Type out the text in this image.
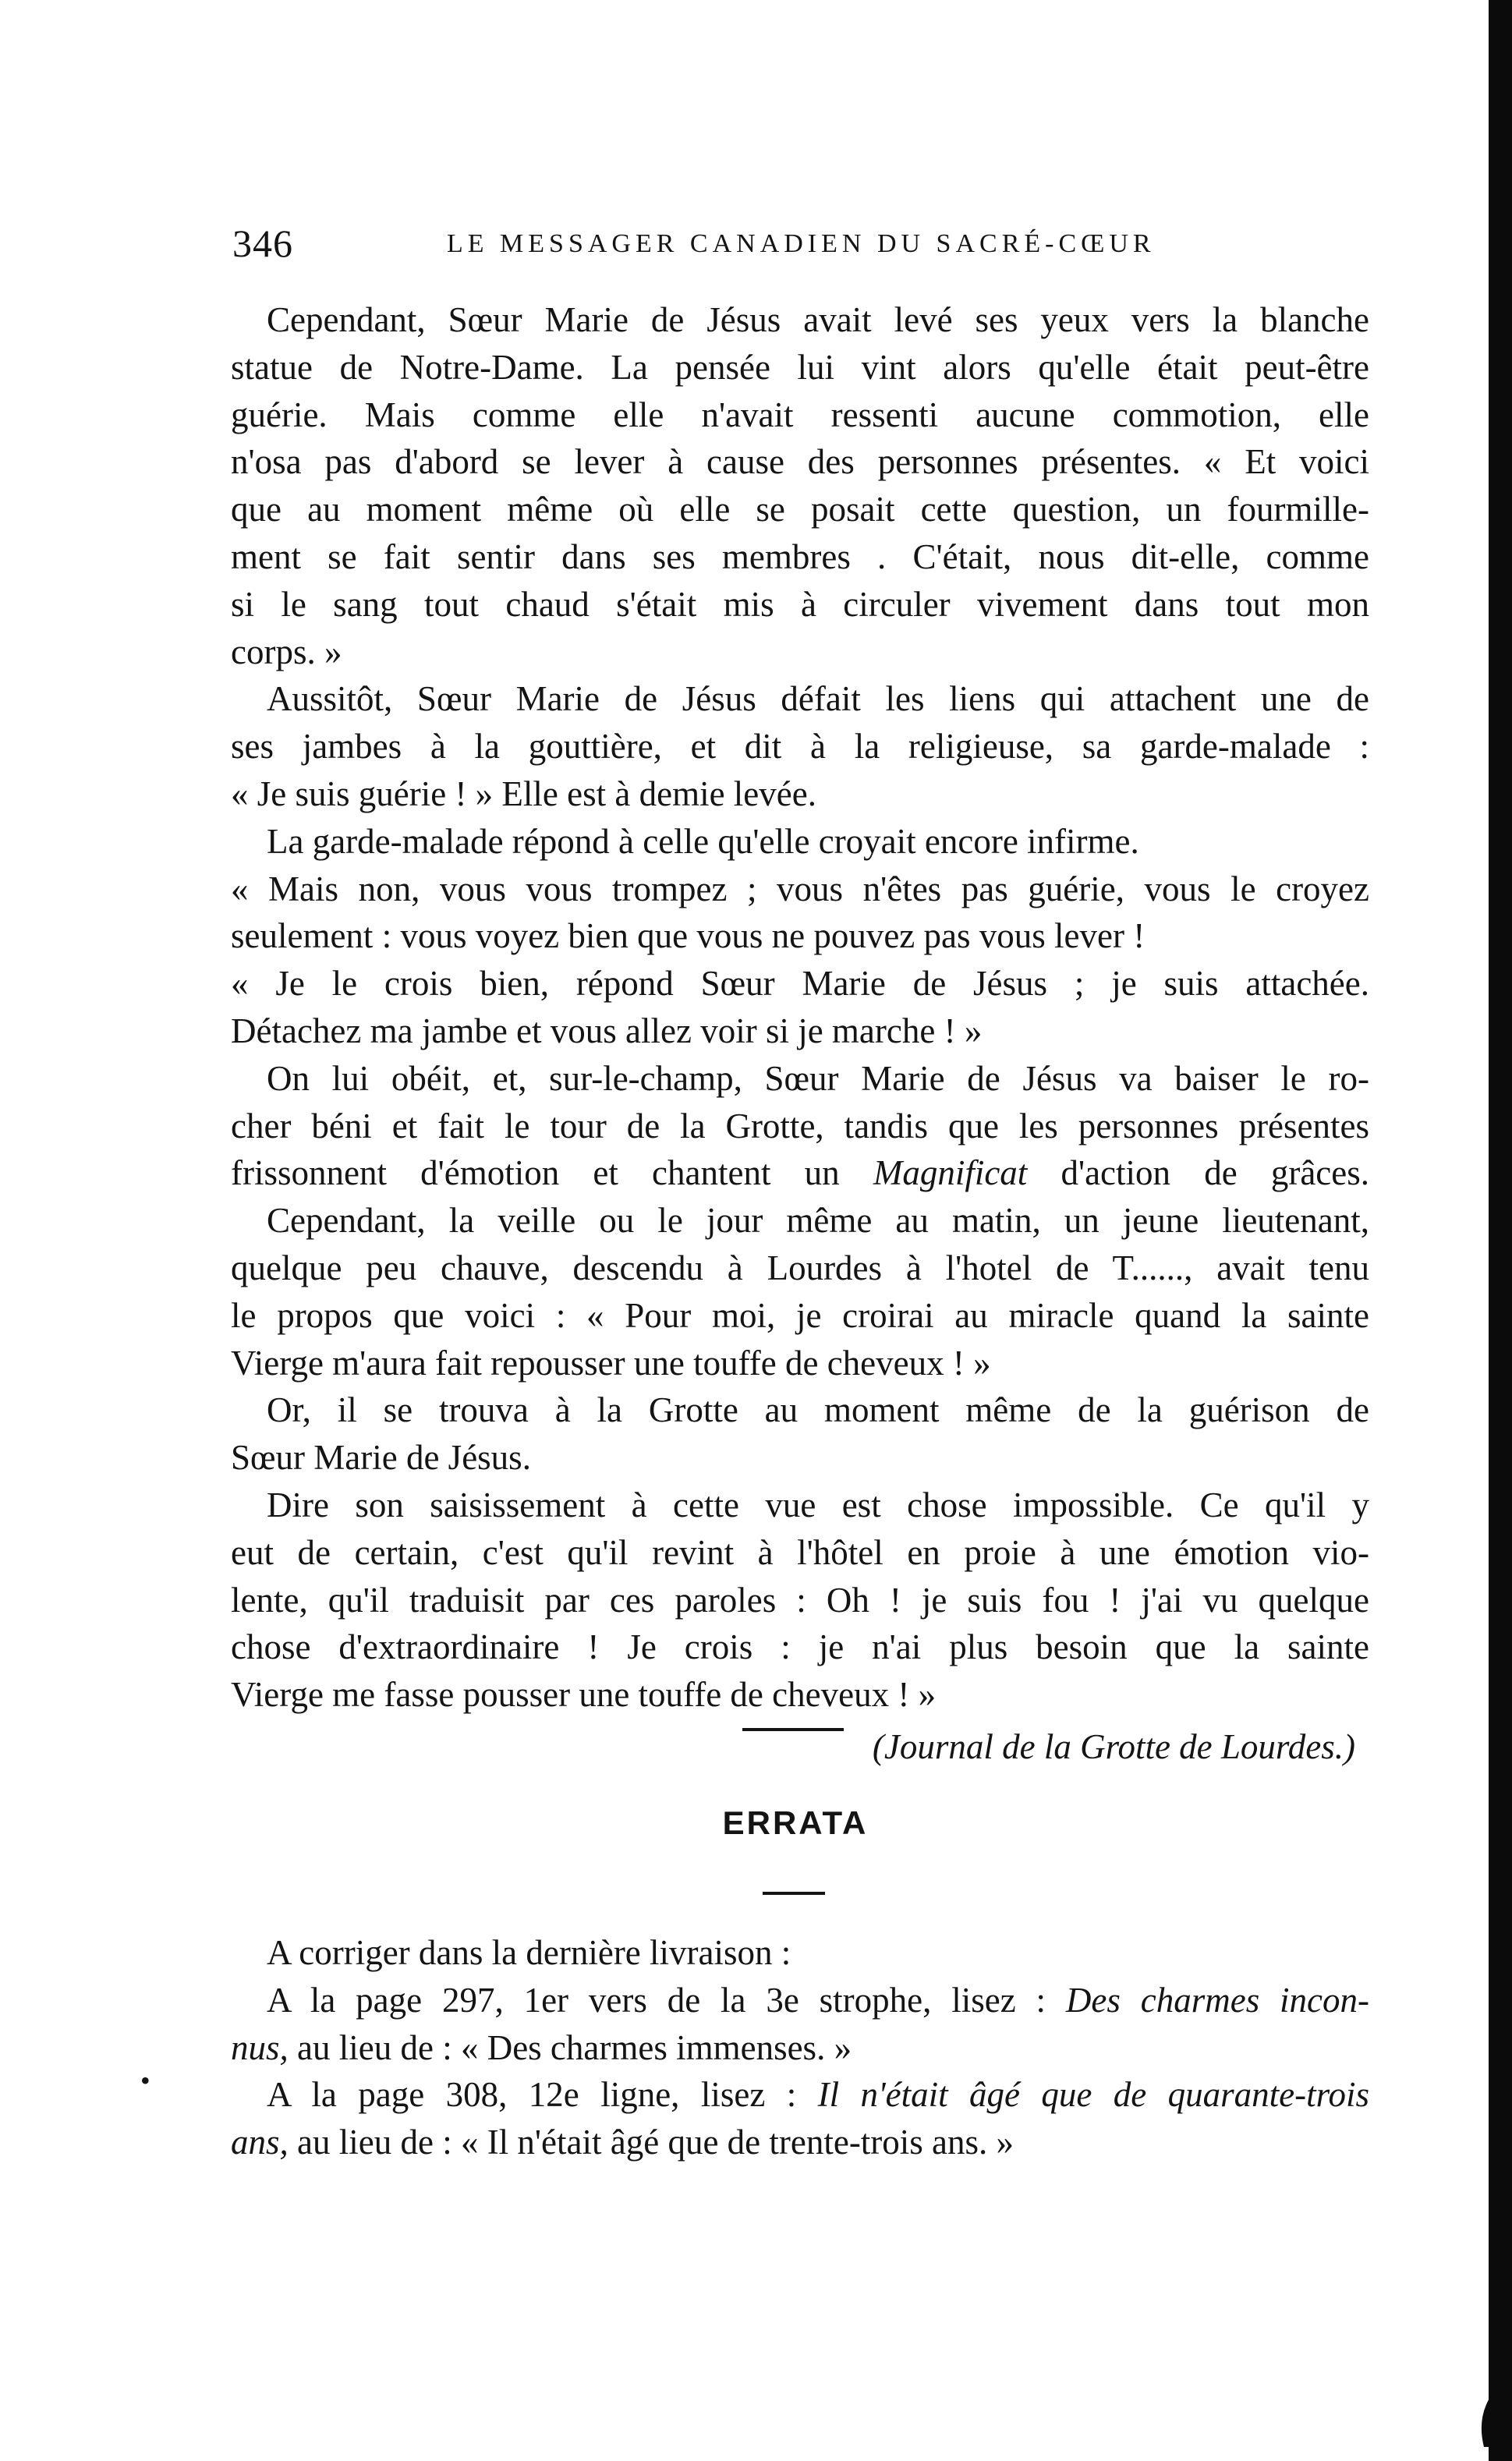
346	LE MESSAGER CANADIEN DU SACRÉ-CŒUR
Cependant, Sœur Marie de Jésus avait levé ses yeux vers la blanche
statue de Notre-Dame. La pensée lui vint alors qu'elle était peut-être
guérie. Mais comme elle n'avait ressenti aucune commotion, elle
n'osa pas d'abord se lever à cause des personnes présentes. « Et voici
que au moment même où elle se posait cette question, un fourmille-
ment se fait sentir dans ses membres . C'était, nous dit-elle, comme
si le sang tout chaud s'était mis à circuler vivement dans tout mon
corps. »
Aussitôt, Sœur Marie de Jésus défait les liens qui attachent une de
ses jambes à la gouttière, et dit à la religieuse, sa garde-malade :
« Je suis guérie ! » Elle est à demie levée.
La garde-malade répond à celle qu'elle croyait encore infirme.
« Mais non, vous vous trompez ; vous n'êtes pas guérie, vous le croyez
seulement : vous voyez bien que vous ne pouvez pas vous lever !
« Je le crois bien, répond Sœur Marie de Jésus ; je suis attachée.
Détachez ma jambe et vous allez voir si je marche ! »
On lui obéit, et, sur-le-champ, Sœur Marie de Jésus va baiser le ro-
cher béni et fait le tour de la Grotte, tandis que les personnes présentes
frissonnent d'émotion et chantent un Magnificat d'action de grâces.
Cependant, la veille ou le jour même au matin, un jeune lieutenant,
quelque peu chauve, descendu à Lourdes à l'hotel de T......, avait tenu
le propos que voici : « Pour moi, je croirai au miracle quand la sainte
Vierge m'aura fait repousser une touffe de cheveux ! »
Or, il se trouva à la Grotte au moment même de la guérison de
Sœur Marie de Jésus.
Dire son saisissement à cette vue est chose impossible. Ce qu'il y
eut de certain, c'est qu'il revint à l'hôtel en proie à une émotion vio-
lente, qu'il traduisit par ces paroles : Oh ! je suis fou ! j'ai vu quelque
chose d'extraordinaire ! Je crois : je n'ai plus besoin que la sainte
Vierge me fasse pousser une touffe de cheveux ! »
(Journal de la Grotte de Lourdes.)
ERRATA
A corriger dans la dernière livraison :
A la page 297, 1er vers de la 3e strophe, lisez : Des charmes incon-
nus, au lieu de : « Des charmes immenses. »
A la page 308, 12e ligne, lisez : Il n'était âgé que de quarante-trois
ans, au lieu de : « Il n'était âgé que de trente-trois ans. »
•
